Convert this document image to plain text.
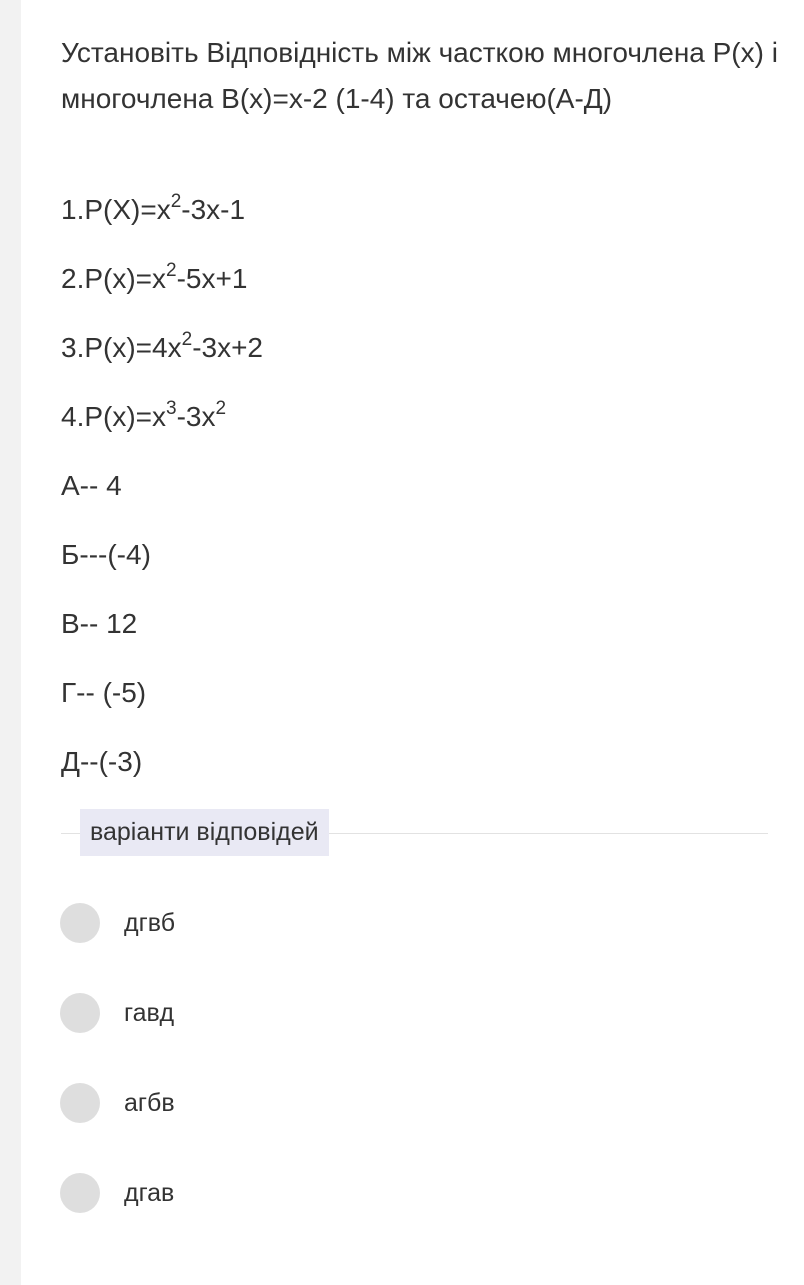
Установіть Відповідність між часткою многочлена P(x) і многочлена B(x)=x-2 (1-4) та остачею(А-Д)

$1.P(X)=x^2-3x-1$
$2.P(x)=x^2-5x+1$
$3.P(x)=4x^2-3x+2$
$4.P(x)=x^3-3x^2$
А-- 4
Б---(-4)
В-- 12
Г-- (-5)
Д--(-3)
варіанти відповідей
дгвб
гавд
агбв
дгав
